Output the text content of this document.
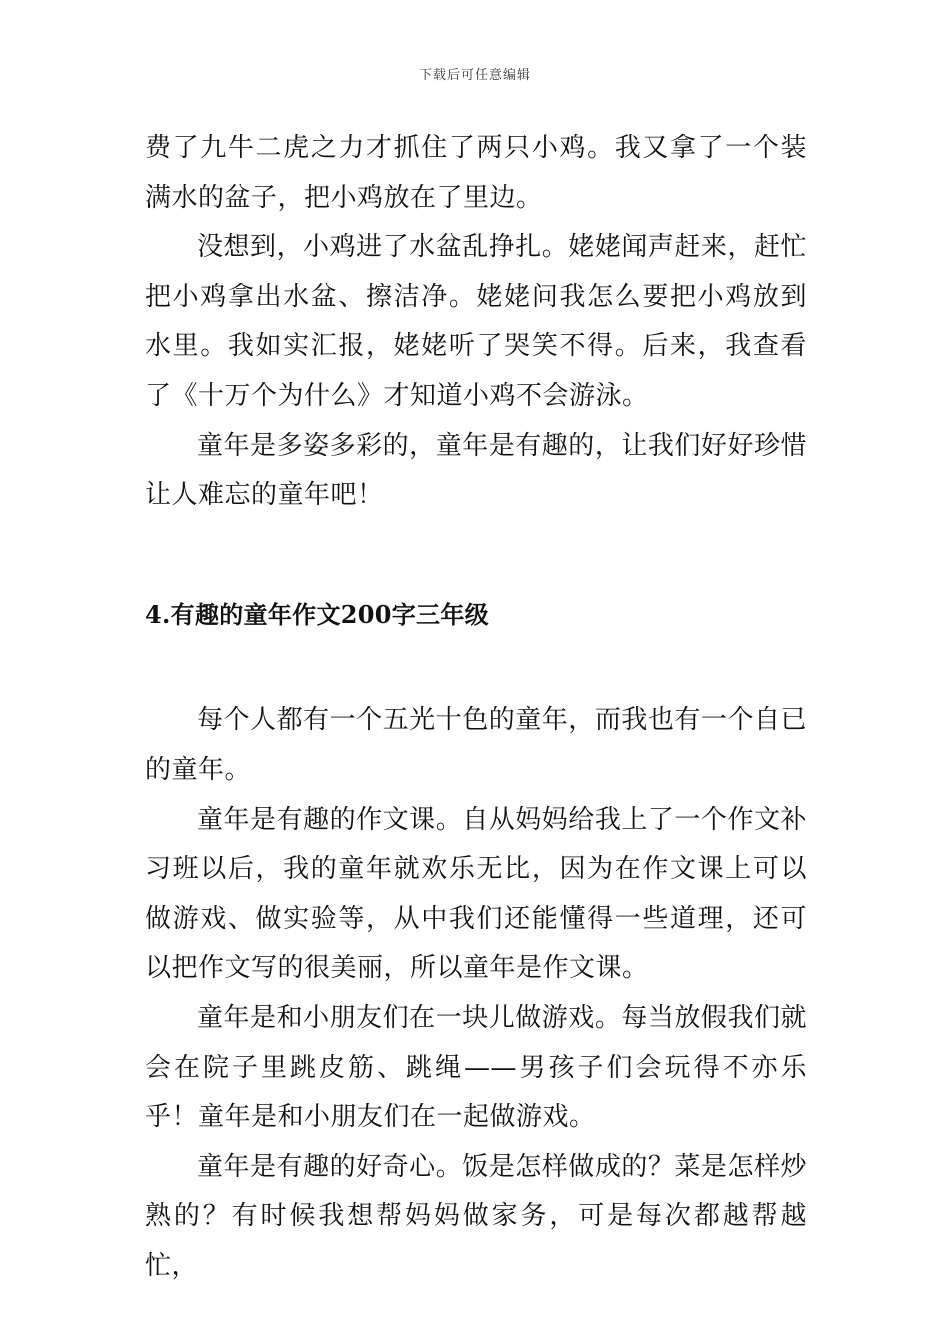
下载后可任意编辑

费了九牛二虎之力才抓住了两只小鸡。我又拿了一个装满水的盆子，把小鸡放在了里边。

没想到，小鸡进了水盆乱挣扎。姥姥闻声赶来，赶忙把小鸡拿出水盆、擦洁净。姥姥问我怎么要把小鸡放到水里。我如实汇报，姥姥听了哭笑不得。后来，我查看了《十万个为什么》才知道小鸡不会游泳。

童年是多姿多彩的，童年是有趣的，让我们好好珍惜让人难忘的童年吧！

4.有趣的童年作文200字三年级

每个人都有一个五光十色的童年，而我也有一个自已的童年。

童年是有趣的作文课。自从妈妈给我上了一个作文补习班以后，我的童年就欢乐无比，因为在作文课上可以做游戏、做实验等，从中我们还能懂得一些道理，还可以把作文写的很美丽，所以童年是作文课。

童年是和小朋友们在一块儿做游戏。每当放假我们就会在院子里跳皮筋、跳绳——男孩子们会玩得不亦乐乎！童年是和小朋友们在一起做游戏。

童年是有趣的好奇心。饭是怎样做成的？菜是怎样炒熟的？有时候我想帮妈妈做家务，可是每次都越帮越忙，
